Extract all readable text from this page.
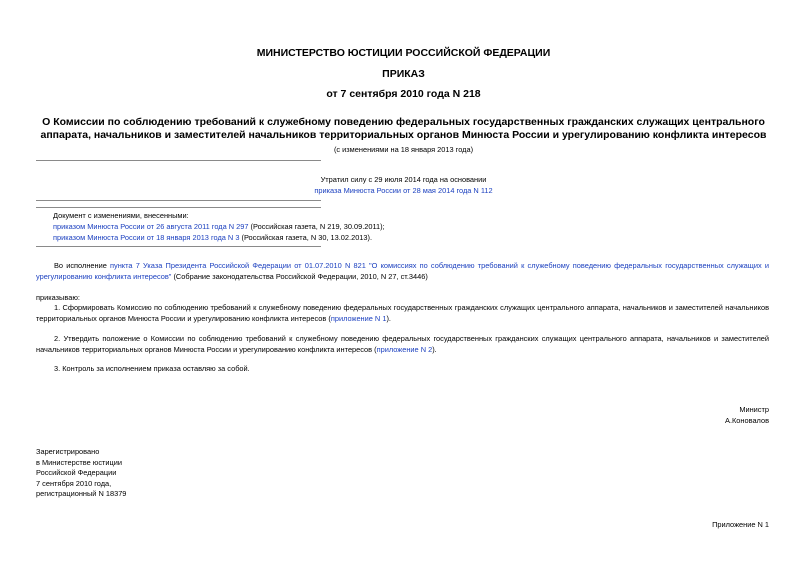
МИНИСТЕРСТВО ЮСТИЦИИ РОССИЙСКОЙ ФЕДЕРАЦИИ
ПРИКАЗ
от 7 сентября 2010 года N 218
О Комиссии по соблюдению требований к служебному поведению федеральных государственных гражданских служащих центрального аппарата, начальников и заместителей начальников территориальных органов Минюста России и урегулированию конфликта интересов
(с изменениями на 18 января 2013 года)
Утратил силу с 29 июля 2014 года на основании
приказа Минюста России от 28 мая 2014 года N 112
Документ с изменениями, внесенными:
приказом Минюста России от 26 августа 2011 года N 297 (Российская газета, N 219, 30.09.2011);
приказом Минюста России от 18 января 2013 года N 3 (Российская газета, N 30, 13.02.2013).
Во исполнение пункта 7 Указа Президента Российской Федерации от 01.07.2010 N 821 "О комиссиях по соблюдению требований к служебному поведению федеральных государственных служащих и урегулированию конфликта интересов" (Собрание законодательства Российской Федерации, 2010, N 27, ст.3446)
приказываю:
1. Сформировать Комиссию по соблюдению требований к служебному поведению федеральных государственных гражданских служащих центрального аппарата, начальников и заместителей начальников территориальных органов Минюста России и урегулированию конфликта интересов (приложение N 1).
2. Утвердить положение о Комиссии по соблюдению требований к служебному поведению федеральных государственных гражданских служащих центрального аппарата, начальников и заместителей начальников территориальных органов Минюста России и урегулированию конфликта интересов (приложение N 2).
3. Контроль за исполнением приказа оставляю за собой.
Министр
А.Коновалов
Зарегистрировано
в Министерстве юстиции
Российской Федерации
7 сентября 2010 года,
регистрационный N 18379
Приложение N 1
